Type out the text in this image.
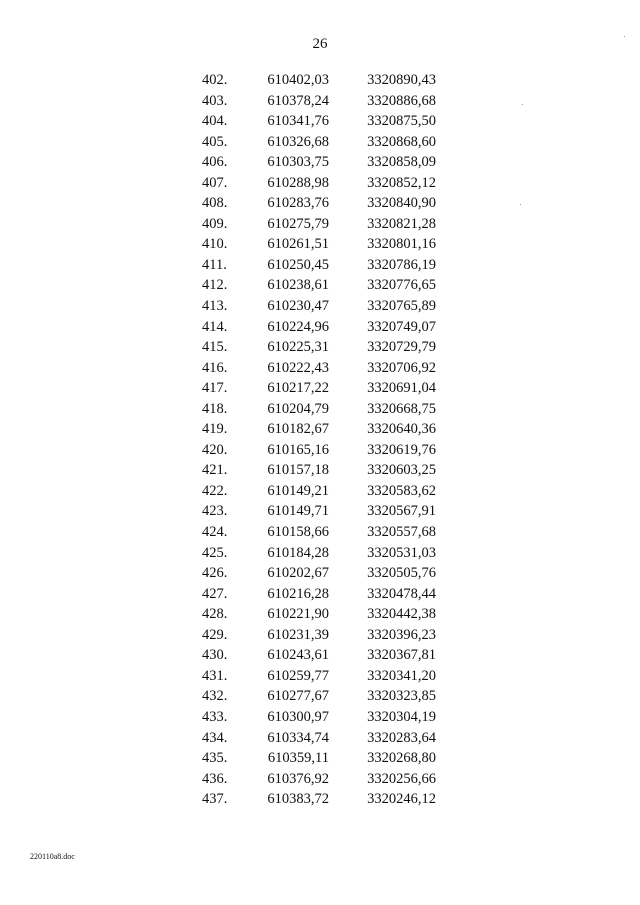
26
402.	610402,03	3320890,43
403.	610378,24	3320886,68
404.	610341,76	3320875,50
405.	610326,68	3320868,60
406.	610303,75	3320858,09
407.	610288,98	3320852,12
408.	610283,76	3320840,90
409.	610275,79	3320821,28
410.	610261,51	3320801,16
411.	610250,45	3320786,19
412.	610238,61	3320776,65
413.	610230,47	3320765,89
414.	610224,96	3320749,07
415.	610225,31	3320729,79
416.	610222,43	3320706,92
417.	610217,22	3320691,04
418.	610204,79	3320668,75
419.	610182,67	3320640,36
420.	610165,16	3320619,76
421.	610157,18	3320603,25
422.	610149,21	3320583,62
423.	610149,71	3320567,91
424.	610158,66	3320557,68
425.	610184,28	3320531,03
426.	610202,67	3320505,76
427.	610216,28	3320478,44
428.	610221,90	3320442,38
429.	610231,39	3320396,23
430.	610243,61	3320367,81
431.	610259,77	3320341,20
432.	610277,67	3320323,85
433.	610300,97	3320304,19
434.	610334,74	3320283,64
435.	610359,11	3320268,80
436.	610376,92	3320256,66
437.	610383,72	3320246,12
220110a8.doc
